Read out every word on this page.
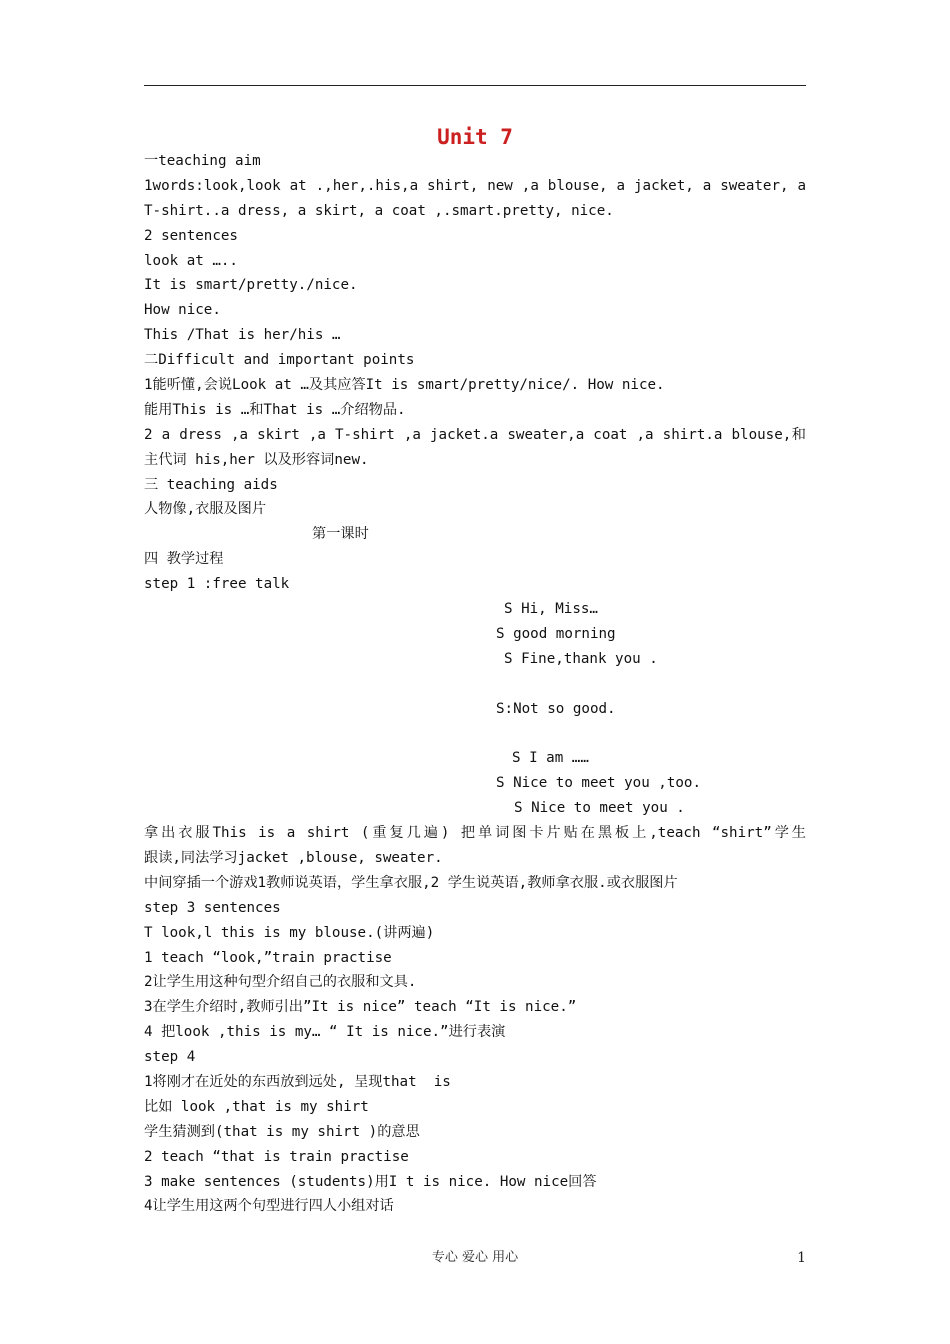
Unit 7
一teaching aim
1words:look,look at .,her,.his,a shirt, new ,a blouse, a jacket, a sweater, a
T-shirt..a dress, a skirt, a coat ,.smart.pretty, nice.
2 sentences
look at …..
It is smart/pretty./nice.
How nice.
This /That is her/his …
二Difficult and important points
1能听懂,会说Look at …及其应答It is smart/pretty/nice/. How nice.
能用This is …和That is …介绍物品.
2 a dress ,a skirt ,a T-shirt ,a jacket.a sweater,a coat ,a shirt.a blouse,和
主代词 his,her 以及形容词new.
三 teaching aids
人物像,衣服及图片
第一课时
四 教学过程
step 1 :free talk

S Hi, Miss…

S good morning

S Fine,thank you .

S:Not so good.

S I am ……

S Nice to meet you ,too.

S Nice to meet you .

拿出衣服This is a shirt (重复几遍) 把单词图卡片贴在黑板上,teach “shirt”学生
跟读,同法学习jacket ,blouse, sweater.
中间穿插一个游戏1教师说英语，学生拿衣服,2 学生说英语,教师拿衣服.或衣服图片
step 3 sentences
T look,l this is my blouse.(讲两遍)
1 teach “look,”train practise
2让学生用这种句型介绍自己的衣服和文具.
3在学生介绍时,教师引出”It is nice” teach “It is nice.”
4 把look ,this is my… “ It is nice.”进行表演
step 4
1将刚才在近处的东西放到远处, 呈现that  is
比如 look ,that is my shirt
学生猜测到(that is my shirt )的意思
2 teach “that is train practise
3 make sentences (students)用I t is nice. How nice回答
4让学生用这两个句型进行四人小组对话
专心 爱心 用心	1
